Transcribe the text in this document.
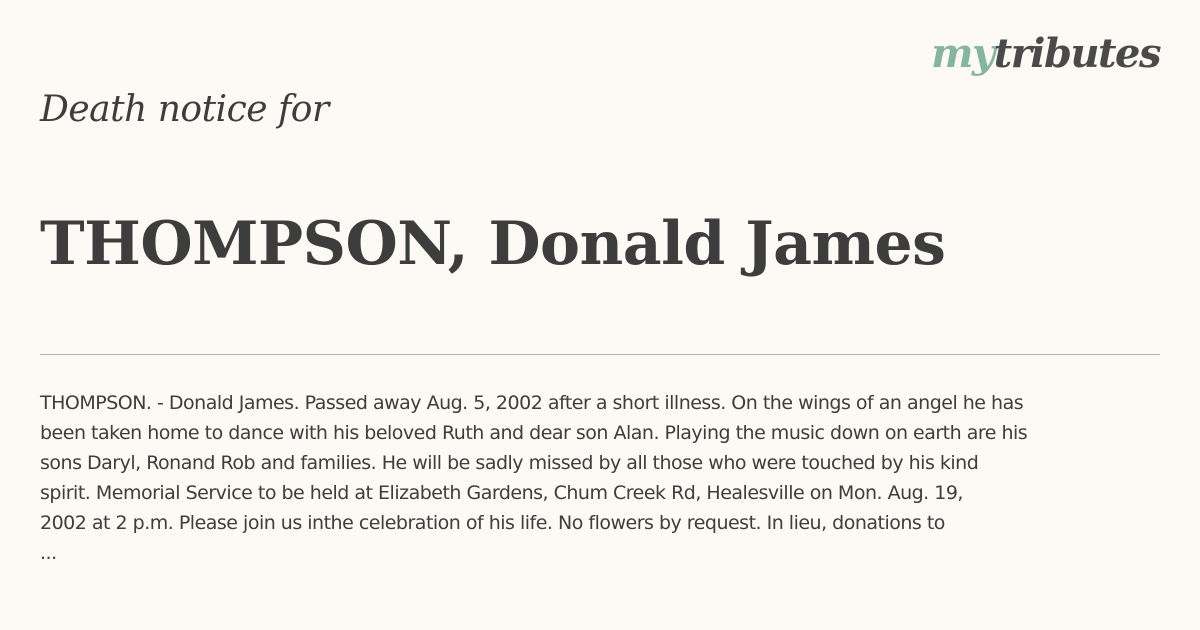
mytributes
Death notice for
THOMPSON, Donald James

THOMPSON. - Donald James. Passed away Aug. 5, 2002 after a short illness. On the wings of an angel he has
been taken home to dance with his beloved Ruth and dear son Alan. Playing the music down on earth are his
sons Daryl, Ronand Rob and families. He will be sadly missed by all those who were touched by his kind
spirit. Memorial Service to be held at Elizabeth Gardens, Chum Creek Rd, Healesville on Mon. Aug. 19,
2002 at 2 p.m. Please join us inthe celebration of his life. No flowers by request. In lieu, donations to
...
